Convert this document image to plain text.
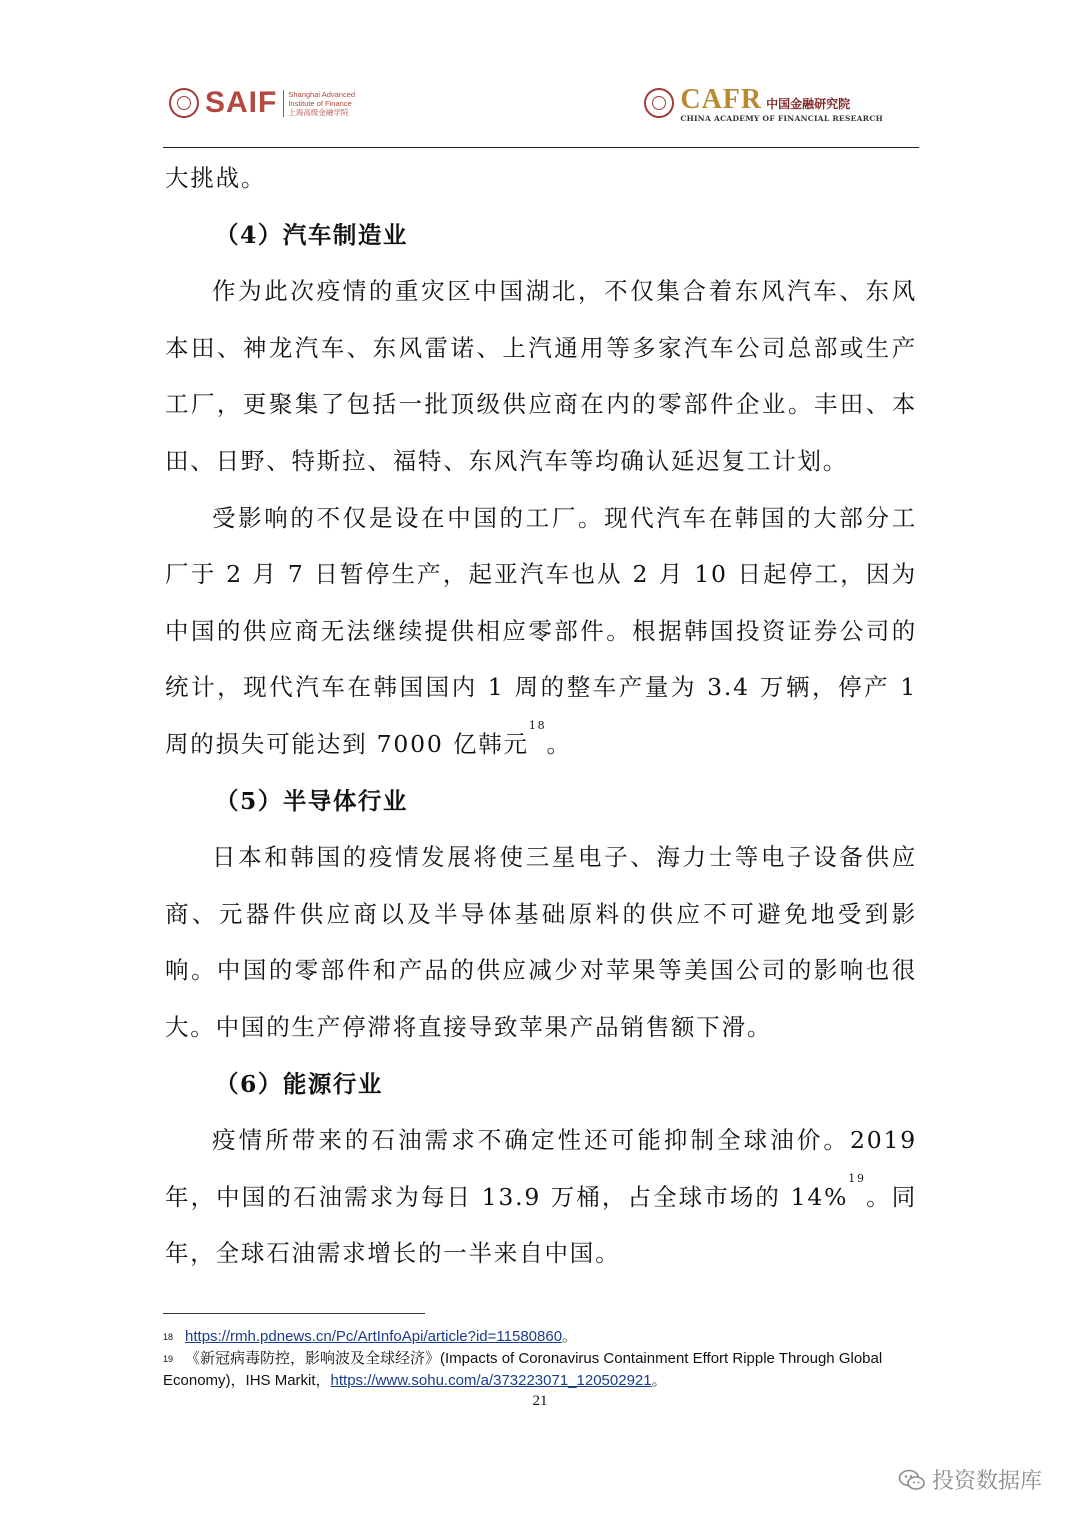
SAIF Shanghai Advanced
Institute of Finance
上海高级金融学院	CAFR 中国金融研究院
CHINA ACADEMY OF FINANCIAL RESEARCH

大挑战。

（4）汽车制造业

作为此次疫情的重灾区中国湖北，不仅集合着东风汽车、东风本田、神龙汽车、东风雷诺、上汽通用等多家汽车公司总部或生产工厂，更聚集了包括一批顶级供应商在内的零部件企业。丰田、本田、日野、特斯拉、福特、东风汽车等均确认延迟复工计划。

受影响的不仅是设在中国的工厂。现代汽车在韩国的大部分工厂于 2 月 7 日暂停生产，起亚汽车也从 2 月 10 日起停工，因为中国的供应商无法继续提供相应零部件。根据韩国投资证券公司的统计，现代汽车在韩国国内 1 周的整车产量为 3.4 万辆，停产 1 周的损失可能达到 7000 亿韩元$^{18}$。

（5）半导体行业

日本和韩国的疫情发展将使三星电子、海力士等电子设备供应商、元器件供应商以及半导体基础原料的供应不可避免地受到影响。中国的零部件和产品的供应减少对苹果等美国公司的影响也很大。中国的生产停滞将直接导致苹果产品销售额下滑。

（6）能源行业

疫情所带来的石油需求不确定性还可能抑制全球油价。2019 年，中国的石油需求为每日 13.9 万桶，占全球市场的 14%$^{19}$。同年，全球石油需求增长的一半来自中国。

$^{18}$ https://rmh.pdnews.cn/Pc/ArtInfoApi/article?id=11580860。
$^{19}$ 《新冠病毒防控，影响波及全球经济》(Impacts of Coronavirus Containment Effort Ripple Through Global Economy)，IHS Markit，https://www.sohu.com/a/373223071_120502921。
21
投资数据库
